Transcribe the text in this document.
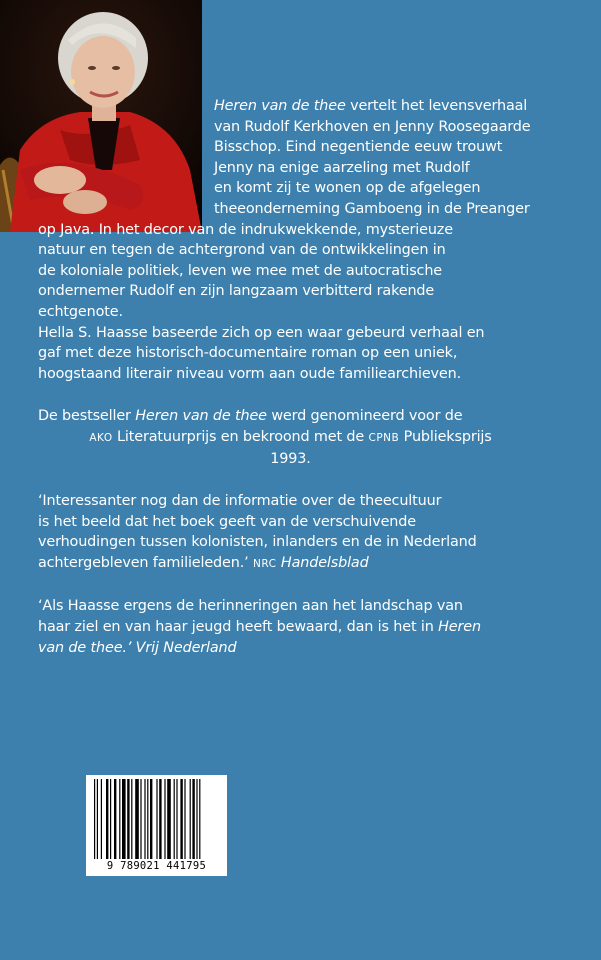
Heren van de thee vertelt het levensverhaal

van Rudolf Kerkhoven en Jenny Roosegaarde

Bisschop. Eind negentiende eeuw trouwt

Jenny na enige aarzeling met Rudolf

en komt zij te wonen op de afgelegen

theeonderneming Gamboeng in de Preanger

op Java. In het decor van de indrukwekkende, mysterieuze

natuur en tegen de achtergrond van de ontwikkelingen in

de koloniale politiek, leven we mee met de autocratische

ondernemer Rudolf en zijn langzaam verbitterd rakende

echtgenote.

Hella S. Haasse baseerde zich op een waar gebeurd verhaal en

gaf met deze historisch-documentaire roman op een uniek,

hoogstaand literair niveau vorm aan oude familiearchieven.

De bestseller Heren van de thee werd genomineerd voor de

AKO Literatuurprijs en bekroond met de CPNB Publieksprijs

1993.

‘Interessanter nog dan de informatie over de theecultuur

is het beeld dat het boek geeft van de verschuivende

verhoudingen tussen kolonisten, inlanders en de in Nederland

achtergebleven familieleden.’ NRC Handelsblad

‘Als Haasse ergens de herinneringen aan het landschap van

haar ziel en van haar jeugd heeft bewaard, dan is het in Heren

van de thee.’ Vrij Nederland

9 789021 441795
